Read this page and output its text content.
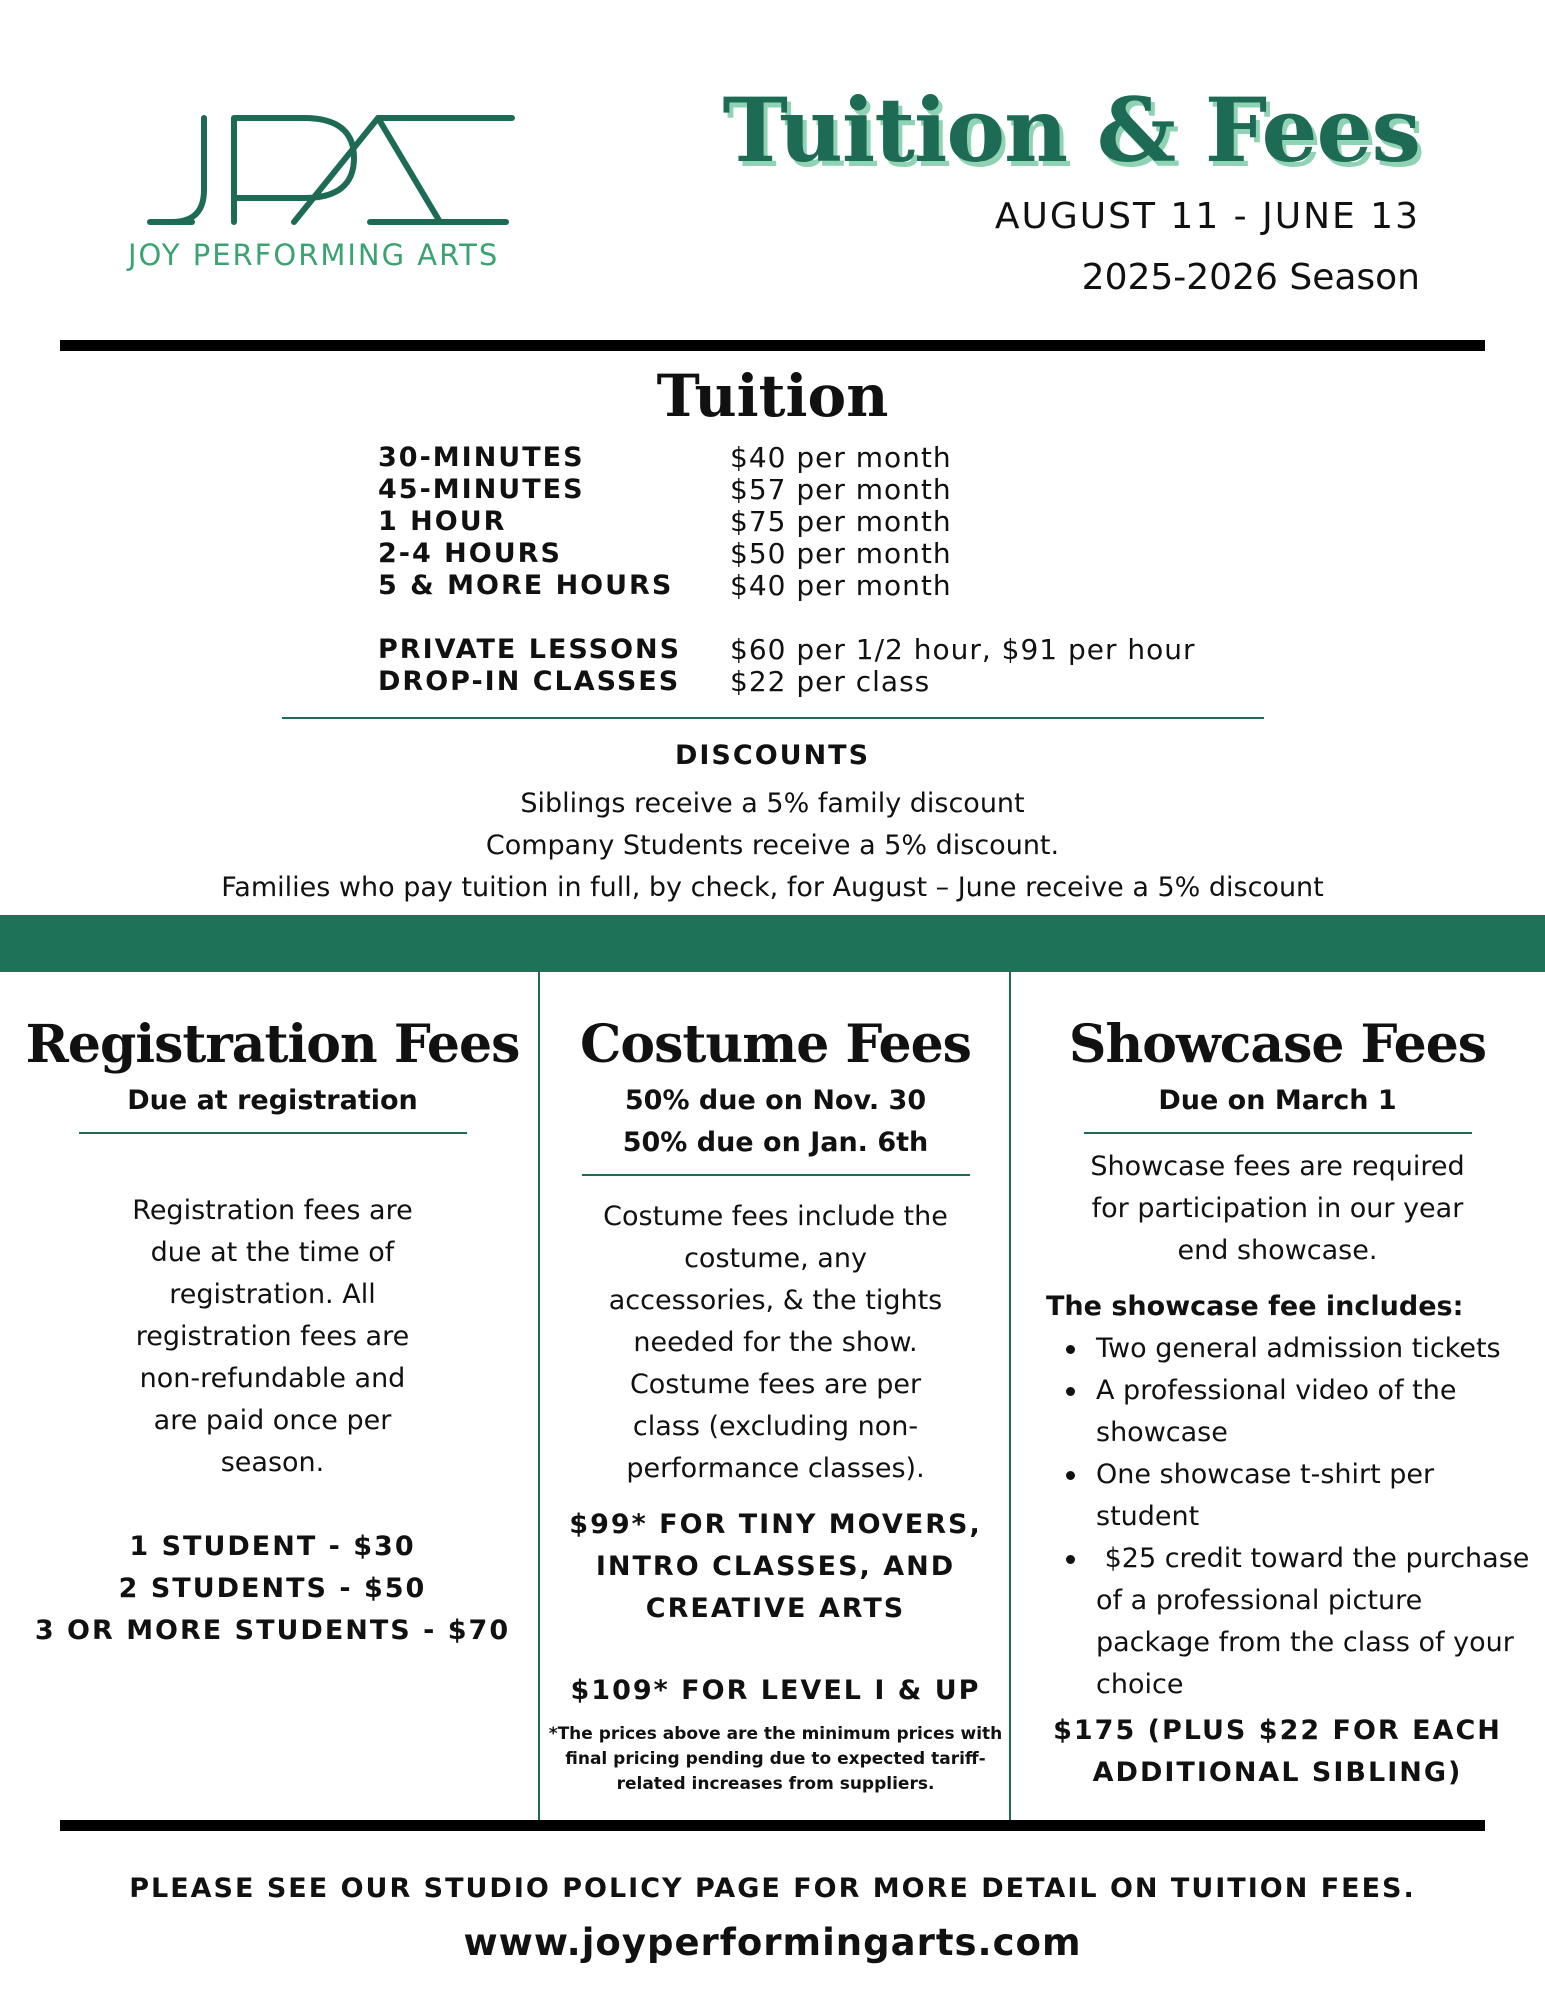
JOY PERFORMING ARTS
Tuition & Fees
AUGUST 11 - JUNE 13
2025-2026 Season
Tuition
30-MINUTES	$40 per month
45-MINUTES	$57 per month
1 HOUR	$75 per month
2-4 HOURS	$50 per month
5 & MORE HOURS	$40 per month
PRIVATE LESSONS	$60 per 1/2 hour, $91 per hour
DROP-IN CLASSES	$22 per class
DISCOUNTS
Siblings receive a 5% family discount
Company Students receive a 5% discount.
Families who pay tuition in full, by check, for August – June receive a 5% discount
Registration Fees
Due at registration
Registration fees are
due at the time of
registration. All
registration fees are
non-refundable and
are paid once per
season.
1 STUDENT - $30
2 STUDENTS - $50
3 OR MORE STUDENTS - $70
Costume Fees
50% due on Nov. 30
50% due on Jan. 6th
Costume fees include the
costume, any
accessories, & the tights
needed for the show.
Costume fees are per
class (excluding non-
performance classes).
$99* FOR TINY MOVERS,
INTRO CLASSES, AND
CREATIVE ARTS
$109* FOR LEVEL I & UP
*The prices above are the minimum prices with
final pricing pending due to expected tariff-
related increases from suppliers.
Showcase Fees
Due on March 1
Showcase fees are required
for participation in our year
end showcase.
The showcase fee includes:
Two general admission tickets
A professional video of the
showcase
One showcase t-shirt per
student
$25 credit toward the purchase
of a professional picture
package from the class of your
choice
$175 (PLUS $22 FOR EACH
ADDITIONAL SIBLING)
PLEASE SEE OUR STUDIO POLICY PAGE FOR MORE DETAIL ON TUITION FEES.
www.joyperformingarts.com
